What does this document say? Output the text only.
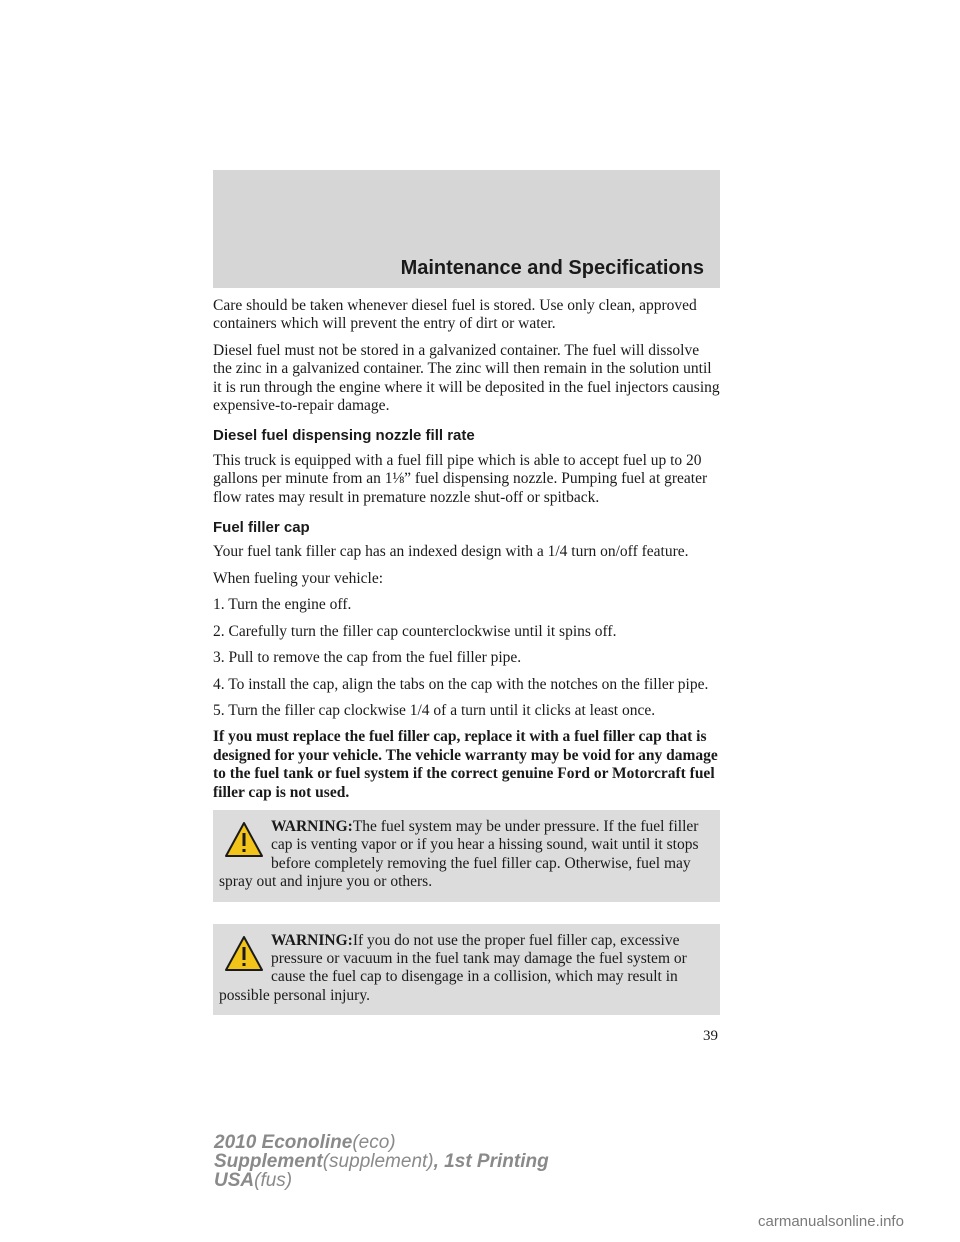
Maintenance and Specifications

Care should be taken whenever diesel fuel is stored. Use only clean, approved containers which will prevent the entry of dirt or water.

Diesel fuel must not be stored in a galvanized container. The fuel will dissolve the zinc in a galvanized container. The zinc will then remain in the solution until it is run through the engine where it will be deposited in the fuel injectors causing expensive-to-repair damage.

Diesel fuel dispensing nozzle fill rate

This truck is equipped with a fuel fill pipe which is able to accept fuel up to 20 gallons per minute from an 1⅛” fuel dispensing nozzle. Pumping fuel at greater flow rates may result in premature nozzle shut-off or spitback.

Fuel filler cap

Your fuel tank filler cap has an indexed design with a 1/4 turn on/off feature.

When fueling your vehicle:

1. Turn the engine off.

2. Carefully turn the filler cap counterclockwise until it spins off.

3. Pull to remove the cap from the fuel filler pipe.

4. To install the cap, align the tabs on the cap with the notches on the filler pipe.

5. Turn the filler cap clockwise 1/4 of a turn until it clicks at least once.

If you must replace the fuel filler cap, replace it with a fuel filler cap that is designed for your vehicle. The vehicle warranty may be void for any damage to the fuel tank or fuel system if the correct genuine Ford or Motorcraft fuel filler cap is not used.

WARNING:The fuel system may be under pressure. If the fuel filler cap is venting vapor or if you hear a hissing sound, wait until it stops before completely removing the fuel filler cap. Otherwise, fuel may spray out and injure you or others.
WARNING:If you do not use the proper fuel filler cap, excessive pressure or vacuum in the fuel tank may damage the fuel system or cause the fuel cap to disengage in a collision, which may result in possible personal injury.
39
2010 Econoline(eco)
Supplement(supplement), 1st Printing
USA(fus)
carmanualsonline.info
